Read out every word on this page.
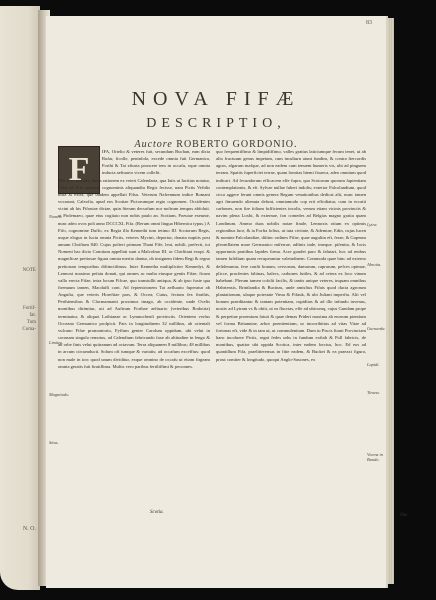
NOTE
Fortif-
fat.
Tum
Coma-
N. O.
83
NOVA FIFÆ
DESCRIPTIO,
Auctore ROBERTO GORDONIO.
F	IFA, Ortelio & veteres fuit, secundum Buchan, eam dicta Rufar, ficolle, peninfola, excede omnia fuit Germanica, Forthi & Tai zfturia proncere tem in occafu, oque omnia inducta aeftuario vicem collefit.

Alii vero nominis huius rationem ex veteri Calendaria, qua Iaiis ut Iacitius notatur, Fifus ab Fifo quodam cognominis aliquandiu Regis fecisse, nam Pictis Vefidis intra & extra, que tandem appellati Fifus. Veterum Nafrennum indice Romani vocarunt, Caleofia, apud eos Scotiae Pictorumque regio cognomen. Occidentes vicini ab his Fifoniae dictae, quin fiteram decurfum nor noftrum tempus abfoluit. ut Ptolemaeo, quae eius cogitato non nobis paulo an. Scotiam, Poeuiae exeunte, nunc adeo ovos polt anno DCCCXL Fifa. (Rerum omni lingua Hibernica typus.) A Fifo, cognomine Duffo, ex Regia illa Kennethi tum tetimo III. Scotorum Regis, usque elogus in luctu omnia Pictis, veteres Mycini, deportur, donata nuptiis post annum Chriftum 840. Cujus pofteri primum Thani Fife, leui, nobili, prefecti, tot Nomeni hac dicto Comitum appellati sunt a Malcolmo III. ac Chriftiani exopt. & magnificae pretiosae figura omnia merito dantur, ob insignem fidem Regi & regno pretiorum temporibus diftinctifimus. Inter Kennetha multipliciter Kennedyi, & Lennoxi maximo pefatu donati, qui omnes ac multa eiusque gentis Fifae, ficum vallo erecta Fifae, intra locum Fifcae, quo transtullit antiqua, & ab ipso fuste qua ftrenuum tamen, Macduffi cont. Ad feptentrionem Tai aefluario fuperatur ab Angufia, que veteris Horeftiae pars, & Occea; Cuius, fectum fex ftrathis, Perthiensibus & Clacmannanii proximus imago, ab occidente, unde Ocelis montibus dirimitur, uti ad Auftrum Forthae aeftuario (veteribus Bodotria) terminatur, & aliquot Lothianae ac Lymnuchenfi provinciis. Orientem verfus Occeano Germanico profpicit. Pars in longitudinem 32 millibus, ab orientali vulcano Fifae promontorio, Fyffum genter Carolum oppidum, ubi velut in coronam singulo remotus, ad Calendium fabricando faxe ab altitudine in lengo & ab orbe finis velut quitranum ad octavum. Terra aliquamen 8 millibus; 48 millibus in arcum circumducit. Solum oft tumque & variatis; ad occafum exceffius: quod non male in iorc quod unum dividitur, exque omnino de occafu ut etiam firgeam omnia geratis fuit ftratiflima. Multis vero paribus fertiliffimi & peconnes.

quo frequentiffimo & limpidiffimo, valles grattus laticiumque fecum tenet, ut ab alio fructuum genus impetum, cum inculturn aiunt fundim, & contra ftercordis agros, algarum mafque, ad non eadem cum tenuem humeris vis, ubi ad pinguem terram. Spatiis fuperficiei terrae, quam fomitas hiemi fixaeca, adeo omnium quod indicari. Ad fecundorum efficacem effe fupra, qua Scotorum quorum fapientiam contemplationis, & eft. Sylvae nullae fuberi indolis; exterior Falcolandium, quod circa aggere ferunt omnis genera Regum venationibus dedicat alit, nunc tamen agri fimuendo alienata defunt, omniamodo cop erit effodiatur, cum in eccatii carbones, non fire folium fufficientes incolis, verum etiam vicinis provinciis & navim plena Loxbi, & externae, fon comedes ad Belgias magno gratia quam Londinum. Ammo duas nobilis notae finale, Lennoxis otium ex optimis regionibus luce, & ia Forfia fofius, ut tuta civitate, & Ademiae, Edin, cujus lucen & nomine Falcolandiae, diftinc ordines Fifae, quae augultin eft, ferae, & Gapeum pleoniflatem mare Germanico miferrae, adfinis inde, imeque. pifentia, & Iocis opportunis pontibus lapides firma. Acre goudet paro & falutari, hoc ad reubus tamen fufidium quam recuperantur valetudinem. Commoda quae hinc ad externo defiderantur, fere confit bonum, cervorum, damarum, caprarum, pefces opimae, plicce, pracfentes faltinas, halecs, carbones futiles, & ad cetera ex loco vinum habebant. Plerum tamen cofolit facilis, & tantis unique veteres, inquam omnibus Habriensis, Brintlandia & Bucinas, unde amisfius Fifais quod ducta agrorum plantationum, ulaque potestate Vima & Fifauk, & ubi Juliani imperfta. Alii vel bonum praeditantur & tantam potentiam, cupiditas & ad illo infundo iuvenus, nosiiv ad Lytram vs & obiit, ut ea flucrtas, effe ad ubicomq, cujus Gundam prope & perpetiae proemium fatuit & quae demas Prideri maxima ab enorum pientium vel forma Britanniae, arbor poenitentiam, ur incorribitius ad vitas Vitae ad fortonas eft, vide & in tam ut, ut commulentiam. Dum tu Piscis ftrant Provinciam hanc incoluere Pictis, regni fedes urbs in fundum exftab & Poll fabricis, de montibus, quattor ubi oppida Scotica, inter eadem forcius, hoc. Ed eos ad quantillum Fifa, praelitteremus in fitte eadem, & Buckei & ea praeaxi figura, prout comiter & longitudo, quoqui Anglo-Saxones, ex

Nomen.
Limites.
Magnitudo.
Situs.
Lytra.
Abrotia.
Gurnarda.
Lapidi.
Tirana.
Vicenz in Bundo.
Scotia.
Ou-
